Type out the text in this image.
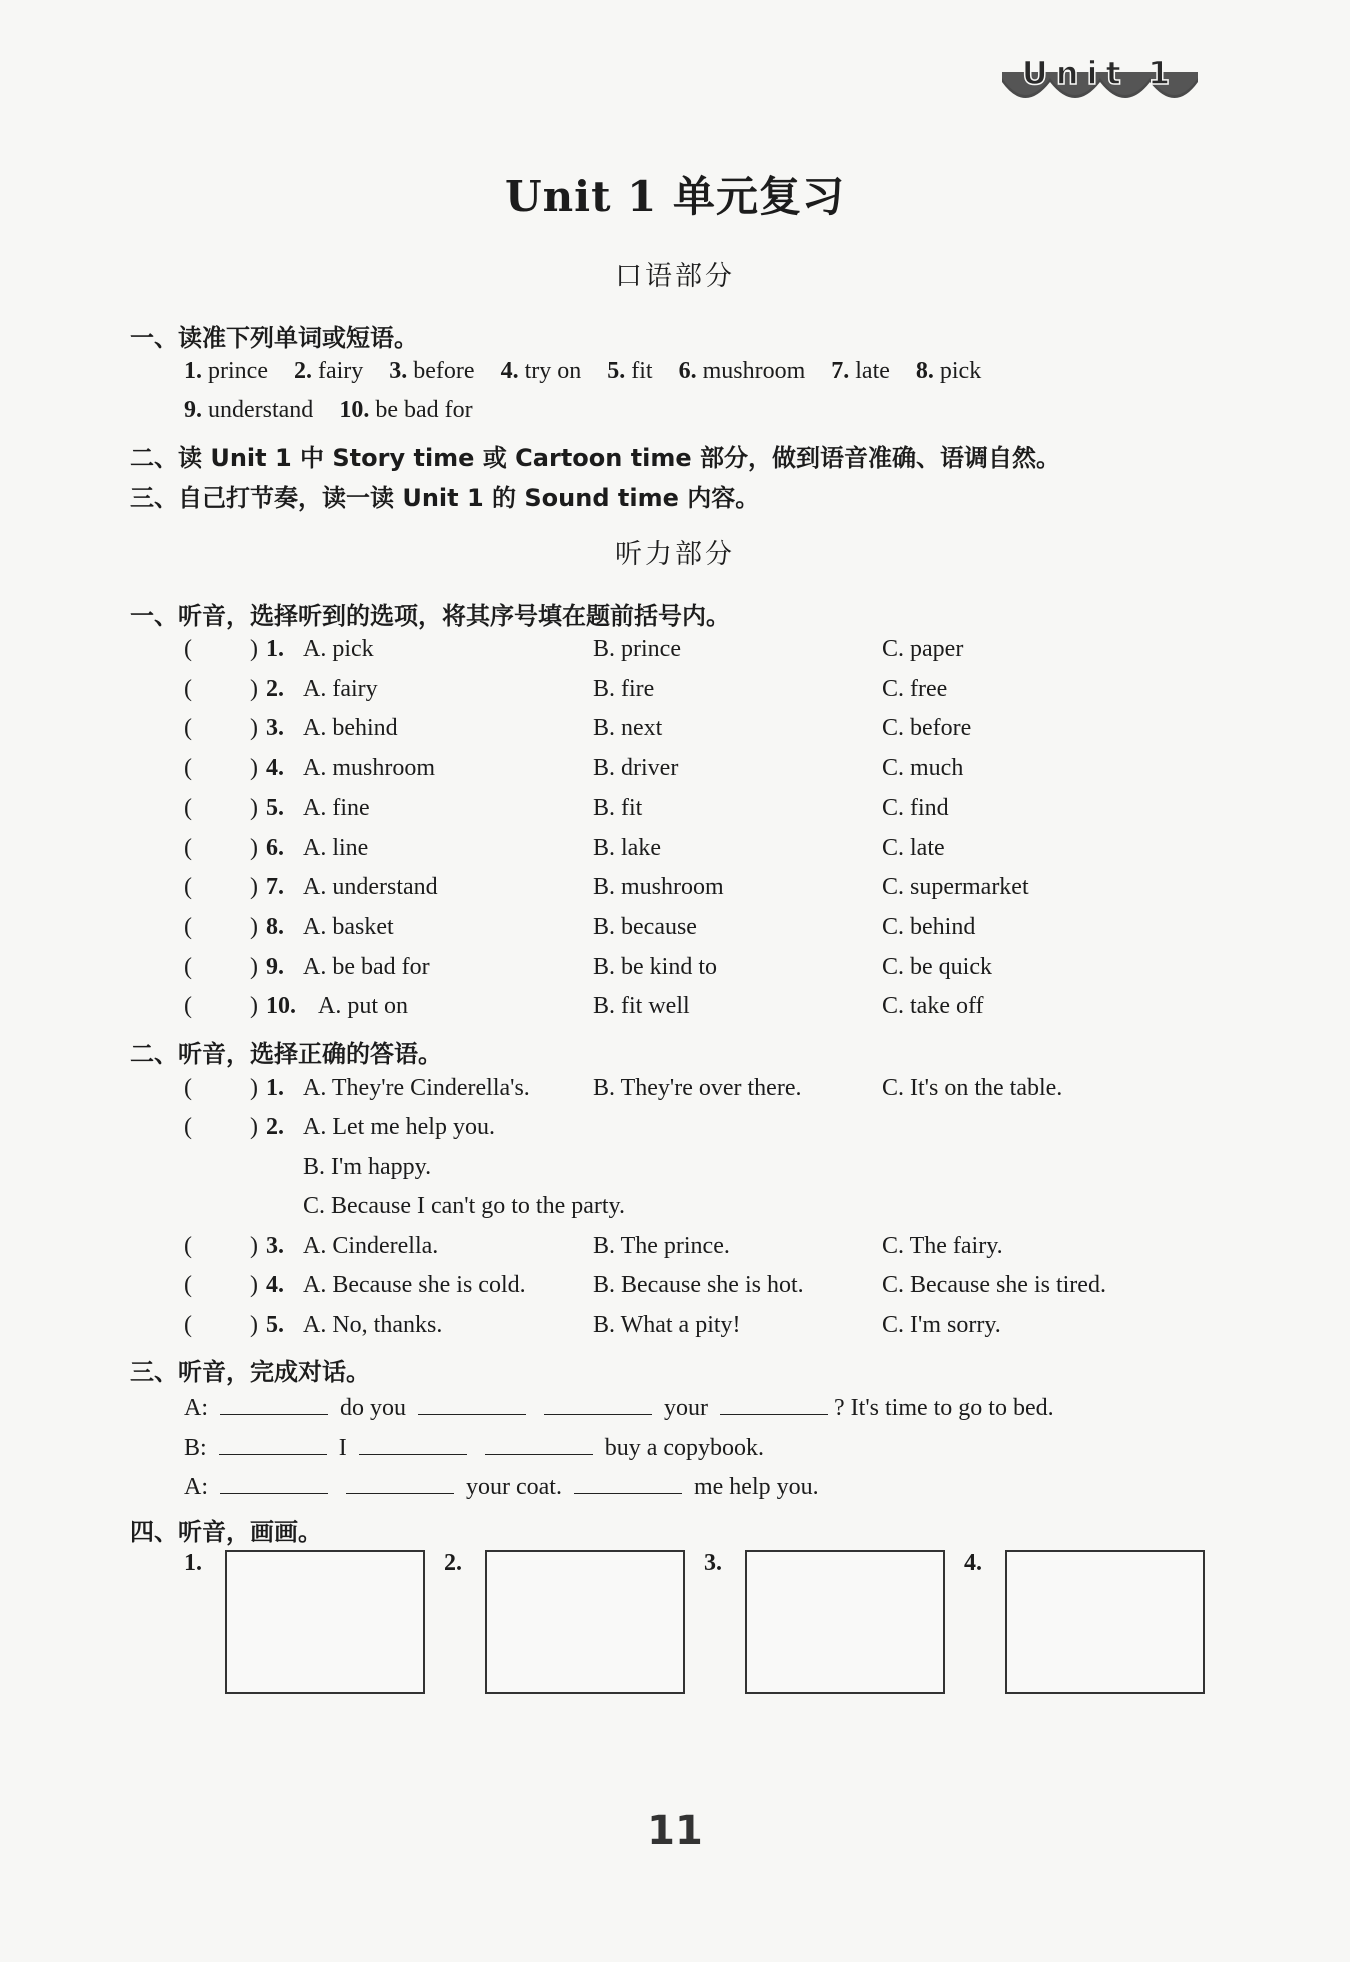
Unit 1
Unit 1 单元复习
口语部分
一、读准下列单词或短语。
1. prince 2. fairy 3. before 4. try on 5. fit 6. mushroom 7. late 8. pick
9. understand 10. be bad for
二、读 Unit 1 中 Story time 或 Cartoon time 部分，做到语音准确、语调自然。
三、自己打节奏，读一读 Unit 1 的 Sound time 内容。
听力部分
一、听音，选择听到的选项，将其序号填在题前括号内。
( ) 1. A. pick	B. prince	C. paper
( ) 2. A. fairy	B. fire	C. free
( ) 3. A. behind	B. next	C. before
( ) 4. A. mushroom	B. driver	C. much
( ) 5. A. fine	B. fit	C. find
( ) 6. A. line	B. lake	C. late
( ) 7. A. understand	B. mushroom	C. supermarket
( ) 8. A. basket	B. because	C. behind
( ) 9. A. be bad for	B. be kind to	C. be quick
( ) 10. A. put on	B. fit well	C. take off
二、听音，选择正确的答语。
( ) 1. A. They're Cinderella's.	B. They're over there.	C. It's on the table.
( ) 2. A. Let me help you.
B. I'm happy.
C. Because I can't go to the party.
( ) 3. A. Cinderella.	B. The prince.	C. The fairy.
( ) 4. A. Because she is cold.	B. Because she is hot.	C. Because she is tired.
( ) 5. A. No, thanks.	B. What a pity!	C. I'm sorry.
三、听音，完成对话。
A:	do you	your	? It's time to go to bed.
B:	I	buy a copybook.
A:	your coat.	me help you.
四、听音，画画。
1.	2.	3.	4.
11
